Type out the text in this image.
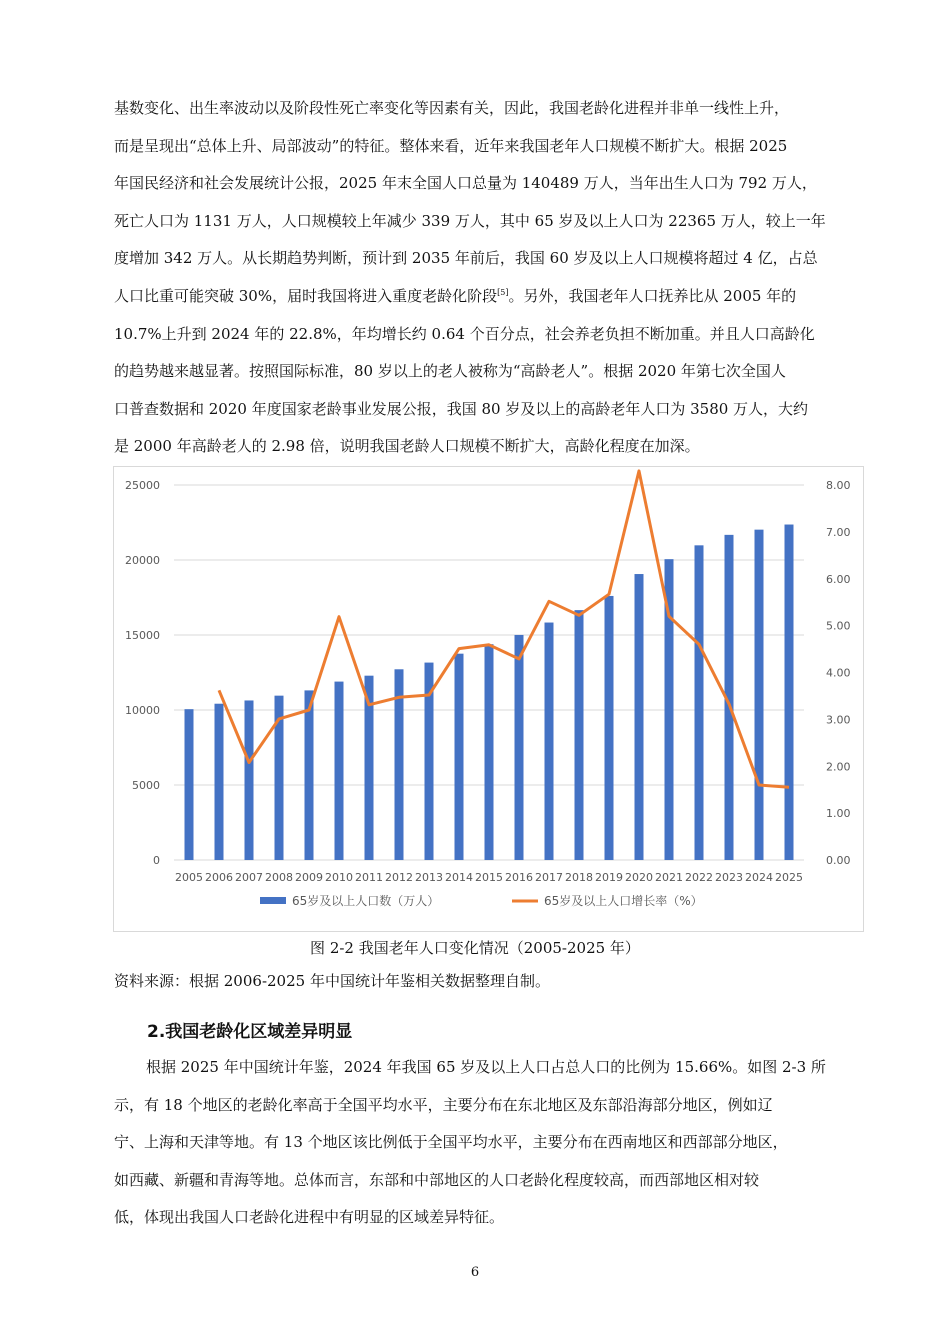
基数变化、出生率波动以及阶段性死亡率变化等因素有关，因此，我国老龄化进程并非单一线性上升，
而是呈现出“总体上升、局部波动”的特征。整体来看，近年来我国老年人口规模不断扩大。根据 2025
年国民经济和社会发展统计公报，2025 年末全国人口总量为 140489 万人，当年出生人口为 792 万人，
死亡人口为 1131 万人，人口规模较上年减少 339 万人，其中 65 岁及以上人口为 22365 万人，较上一年
度增加 342 万人。从长期趋势判断，预计到 2035 年前后，我国 60 岁及以上人口规模将超过 4 亿，占总
人口比重可能突破 30%，届时我国将进入重度老龄化阶段[5]。另外，我国老年人口抚养比从 2005 年的
10.7%上升到 2024 年的 22.8%，年均增长约 0.64 个百分点，社会养老负担不断加重。并且人口高龄化
的趋势越来越显著。按照国际标准，80 岁以上的老人被称为“高龄老人”。根据 2020 年第七次全国人
口普查数据和 2020 年度国家老龄事业发展公报，我国 80 岁及以上的高龄老年人口为 3580 万人，大约
是 2000 年高龄老人的 2.98 倍，说明我国老龄人口规模不断扩大，高龄化程度在加深。
0
5000
10000
15000
20000
25000
0.00
1.00
2.00
3.00
4.00
5.00
6.00
7.00
8.00
2005 2006 2007 2008 2009 2010 2011 2012 2013 2014 2015 2016 2017 2018 2019 2020 2021 2022 2023 2024 2025
65岁及以上人口数（万人）	65岁及以上人口增长率（%）
图 2-2 我国老年人口变化情况（2005-2025 年）
资料来源：根据 2006-2025 年中国统计年鉴相关数据整理自制。
2.我国老龄化区域差异明显
根据 2025 年中国统计年鉴，2024 年我国 65 岁及以上人口占总人口的比例为 15.66%。如图 2-3 所
示，有 18 个地区的老龄化率高于全国平均水平，主要分布在东北地区及东部沿海部分地区，例如辽
宁、上海和天津等地。有 13 个地区该比例低于全国平均水平，主要分布在西南地区和西部部分地区，
如西藏、新疆和青海等地。总体而言，东部和中部地区的人口老龄化程度较高，而西部地区相对较
低，体现出我国人口老龄化进程中有明显的区域差异特征。
6
